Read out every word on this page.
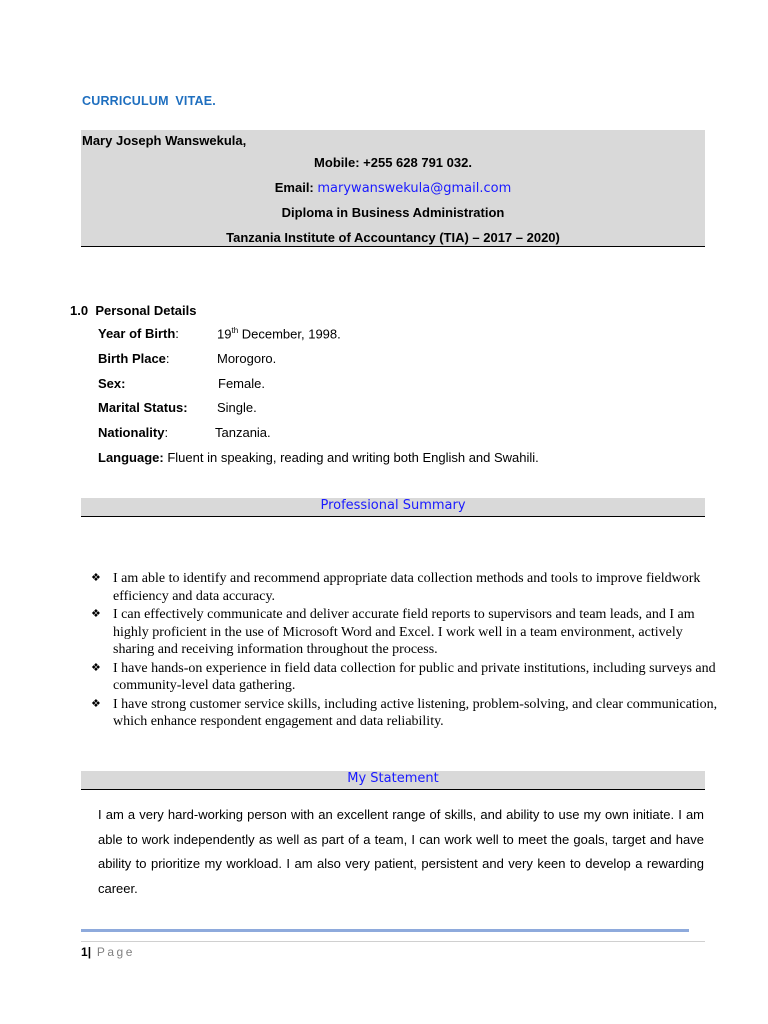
CURRICULUM VITAE.
Mary Joseph Wanswekula,
Mobile: +255 628 791 032.
Email: marywanswekula@gmail.com
Diploma in Business Administration
Tanzania Institute of Accountancy (TIA) – 2017 – 2020)
1.0 Personal Details
Year of Birth:	19th December, 1998.
Birth Place:	Morogoro.
Sex:	Female.
Marital Status: Single.
Nationality:	Tanzania.
Language: Fluent in speaking, reading and writing both English and Swahili.
Professional Summary
❖ I am able to identify and recommend appropriate data collection methods and tools to improve fieldwork efficiency and data accuracy.
❖ I can effectively communicate and deliver accurate field reports to supervisors and team leads, and I am highly proficient in the use of Microsoft Word and Excel. I work well in a team environment, actively sharing and receiving information throughout the process.
❖ I have hands-on experience in field data collection for public and private institutions, including surveys and community-level data gathering.
❖ I have strong customer service skills, including active listening, problem-solving, and clear communication, which enhance respondent engagement and data reliability.
My Statement
I am a very hard-working person with an excellent range of skills, and ability to use my own initiate. I am able to work independently as well as part of a team, I can work well to meet the goals, target and have ability to prioritize my workload. I am also very patient, persistent and very keen to develop a rewarding career.
1| Page
